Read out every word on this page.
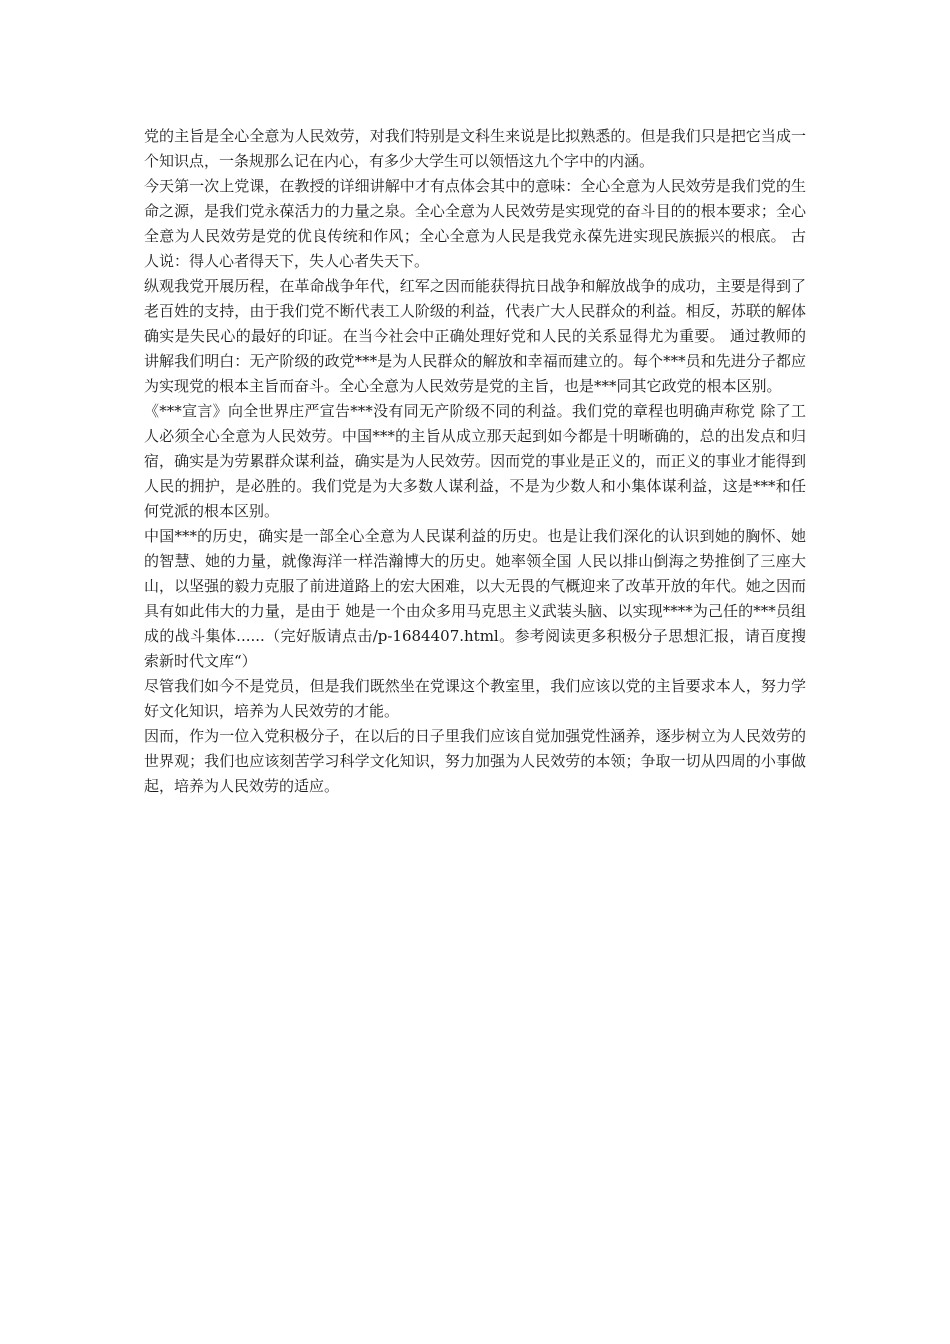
党的主旨是全心全意为人民效劳，对我们特别是文科生来说是比拟熟悉的。但是我们只是把它当成一个知识点，一条规那么记在内心，有多少大学生可以领悟这九个字中的内涵。

今天第一次上党课，在教授的详细讲解中才有点体会其中的意味：全心全意为人民效劳是我们党的生命之源，是我们党永葆活力的力量之泉。全心全意为人民效劳是实现党的奋斗目的的根本要求；全心全意为人民效劳是党的优良传统和作风；全心全意为人民是我党永葆先进实现民族振兴的根底。 古人说：得人心者得天下，失人心者失天下。

纵观我党开展历程，在革命战争年代，红军之因而能获得抗日战争和解放战争的成功，主要是得到了老百姓的支持，由于我们党不断代表工人阶级的利益，代表广大人民群众的利益。相反，苏联的解体确实是失民心的最好的印证。在当今社会中正确处理好党和人民的关系显得尤为重要。 通过教师的讲解我们明白：无产阶级的政党***是为人民群众的解放和幸福而建立的。每个***员和先进分子都应为实现党的根本主旨而奋斗。全心全意为人民效劳是党的主旨，也是***同其它政党的根本区别。

《***宣言》向全世界庄严宣告***没有同无产阶级不同的利益。我们党的章程也明确声称党 除了工人必须全心全意为人民效劳。中国***的主旨从成立那天起到如今都是十明晰确的，总的出发点和归宿，确实是为劳累群众谋利益，确实是为人民效劳。因而党的事业是正义的，而正义的事业才能得到人民的拥护，是必胜的。我们党是为大多数人谋利益，不是为少数人和小集体谋利益，这是***和任何党派的根本区别。

中国***的历史，确实是一部全心全意为人民谋利益的历史。也是让我们深化的认识到她的胸怀、她的智慧、她的力量，就像海洋一样浩瀚博大的历史。她率领全国 人民以排山倒海之势推倒了三座大山，以坚强的毅力克服了前进道路上的宏大困难，以大无畏的气概迎来了改革开放的年代。她之因而具有如此伟大的力量，是由于 她是一个由众多用马克思主义武装头脑、以实现****为己任的***员组成的战斗集体......（完好版请点击/p-1684407.html。参考阅读更多积极分子思想汇报，请百度搜索新时代文库“）

尽管我们如今不是党员，但是我们既然坐在党课这个教室里，我们应该以党的主旨要求本人，努力学好文化知识，培养为人民效劳的才能。

因而，作为一位入党积极分子，在以后的日子里我们应该自觉加强党性涵养，逐步树立为人民效劳的世界观；我们也应该刻苦学习科学文化知识，努力加强为人民效劳的本领；争取一切从四周的小事做起，培养为人民效劳的适应。
